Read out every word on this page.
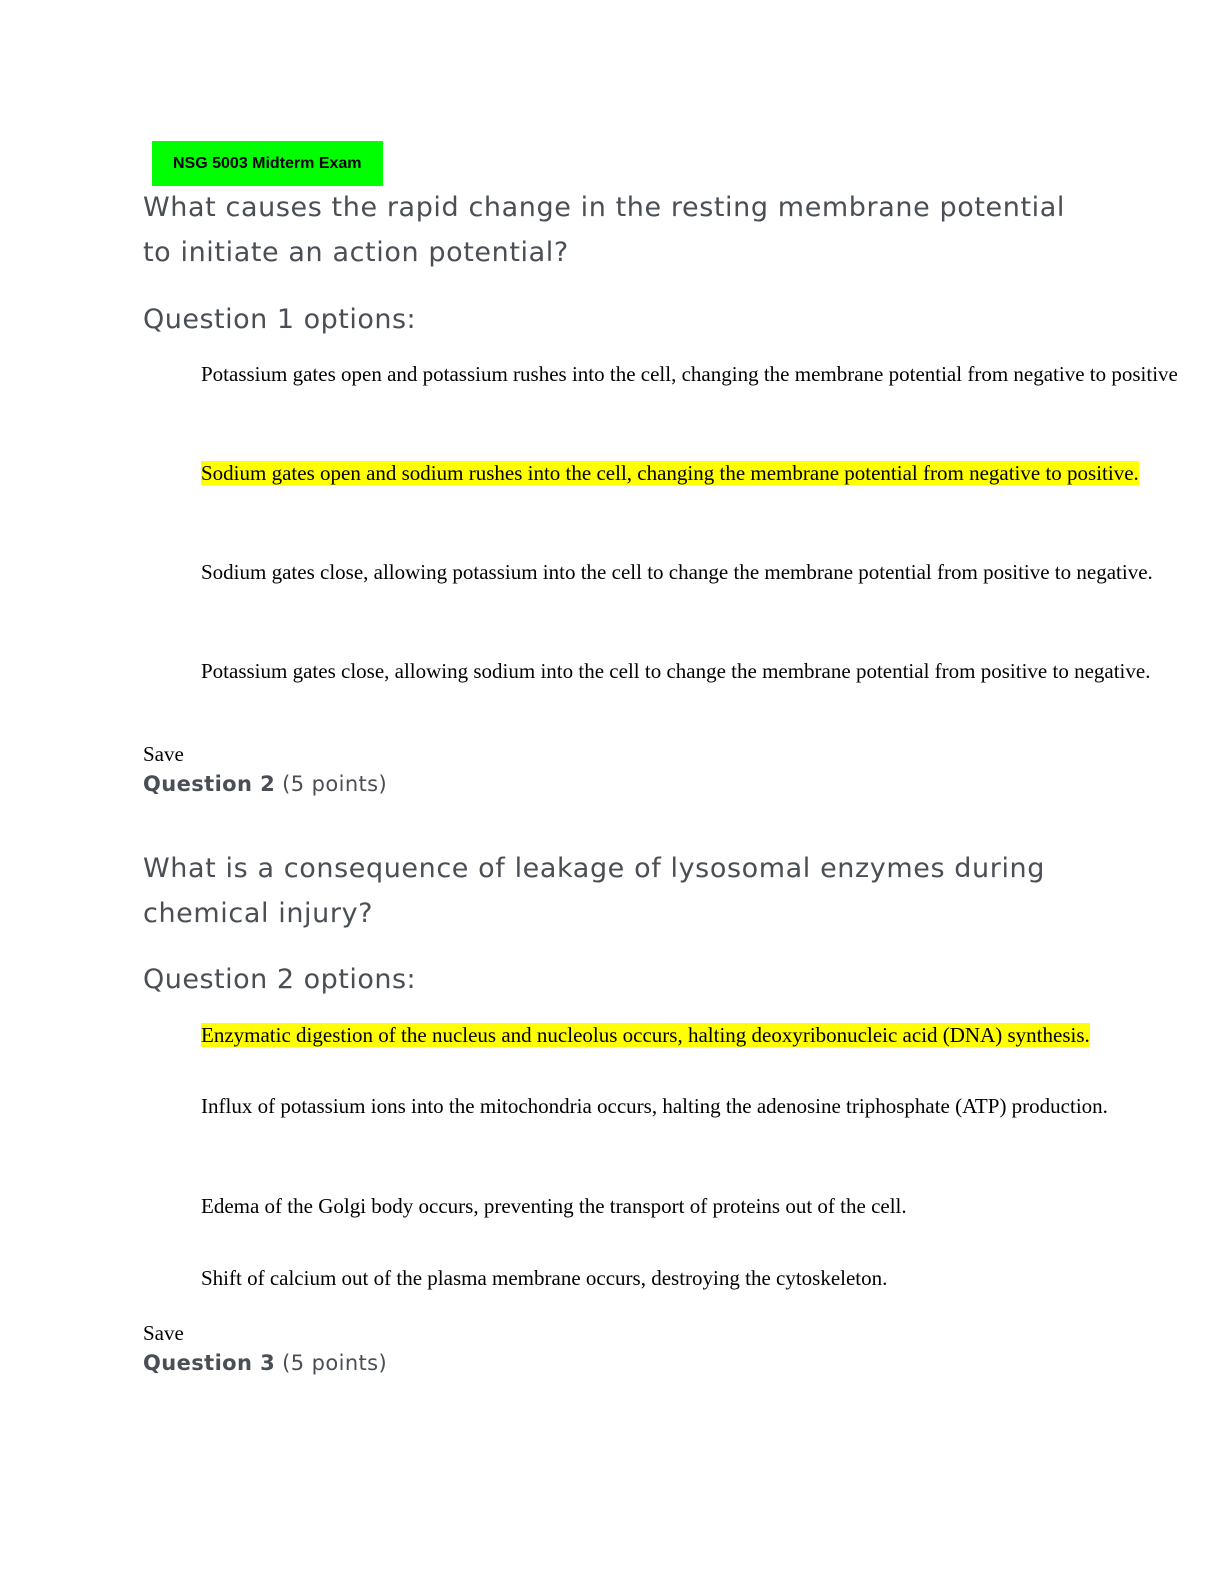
NSG 5003 Midterm Exam
What causes the rapid change in the resting membrane potential
to initiate an action potential?
Question 1 options:
Potassium gates open and potassium rushes into the cell, changing the membrane potential from negative to positive
Sodium gates open and sodium rushes into the cell, changing the membrane potential from negative to positive.
Sodium gates close, allowing potassium into the cell to change the membrane potential from positive to negative.
Potassium gates close, allowing sodium into the cell to change the membrane potential from positive to negative.
Save
Question 2 (5 points)
What is a consequence of leakage of lysosomal enzymes during
chemical injury?
Question 2 options:
Enzymatic digestion of the nucleus and nucleolus occurs, halting deoxyribonucleic acid (DNA) synthesis.
Influx of potassium ions into the mitochondria occurs, halting the adenosine triphosphate (ATP) production.
Edema of the Golgi body occurs, preventing the transport of proteins out of the cell.
Shift of calcium out of the plasma membrane occurs, destroying the cytoskeleton.
Save
Question 3 (5 points)
